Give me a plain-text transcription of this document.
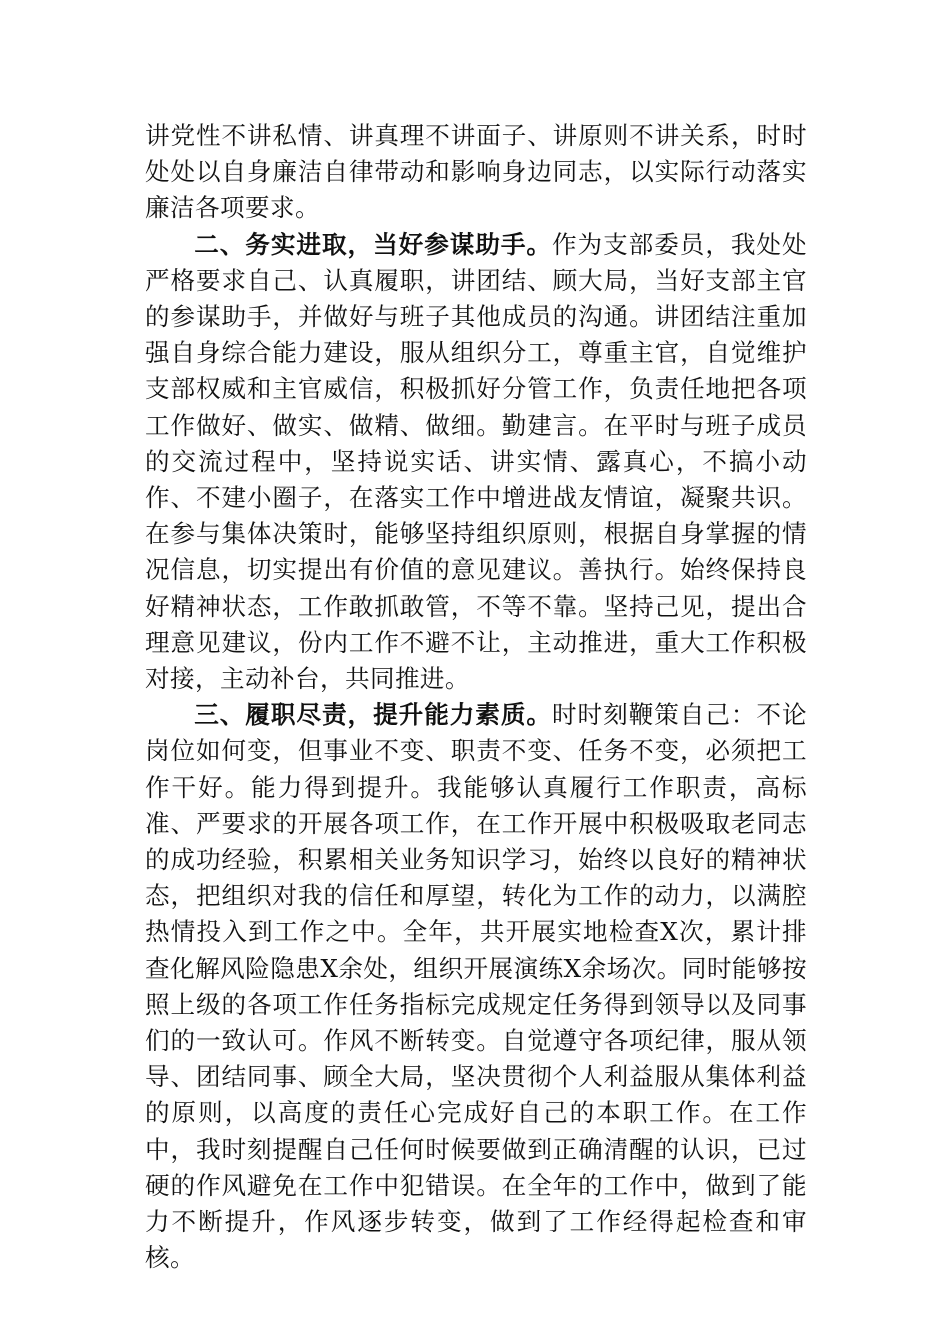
讲党性不讲私情、讲真理不讲面子、讲原则不讲关系，时时处处以自身廉洁自律带动和影响身边同志，以实际行动落实廉洁各项要求。

二、务实进取，当好参谋助手。作为支部委员，我处处严格要求自己、认真履职，讲团结、顾大局，当好支部主官的参谋助手，并做好与班子其他成员的沟通。讲团结注重加强自身综合能力建设，服从组织分工，尊重主官，自觉维护支部权威和主官威信，积极抓好分管工作，负责任地把各项工作做好、做实、做精、做细。勤建言。在平时与班子成员的交流过程中，坚持说实话、讲实情、露真心，不搞小动作、不建小圈子，在落实工作中增进战友情谊，凝聚共识。在参与集体决策时，能够坚持组织原则，根据自身掌握的情况信息，切实提出有价值的意见建议。善执行。始终保持良好精神状态，工作敢抓敢管，不等不靠。坚持己见，提出合理意见建议，份内工作不避不让，主动推进，重大工作积极对接，主动补台，共同推进。

三、履职尽责，提升能力素质。时时刻鞭策自己：不论岗位如何变，但事业不变、职责不变、任务不变，必须把工作干好。能力得到提升。我能够认真履行工作职责，高标准、严要求的开展各项工作，在工作开展中积极吸取老同志的成功经验，积累相关业务知识学习，始终以良好的精神状态，把组织对我的信任和厚望，转化为工作的动力，以满腔热情投入到工作之中。全年，共开展实地检查X次，累计排查化解风险隐患X余处，组织开展演练X余场次。同时能够按照上级的各项工作任务指标完成规定任务得到领导以及同事们的一致认可。作风不断转变。自觉遵守各项纪律，服从领导、团结同事、顾全大局，坚决贯彻个人利益服从集体利益的原则，以高度的责任心完成好自己的本职工作。在工作中，我时刻提醒自己任何时候要做到正确清醒的认识，已过硬的作风避免在工作中犯错误。在全年的工作中，做到了能力不断提升，作风逐步转变，做到了工作经得起检查和审核。
